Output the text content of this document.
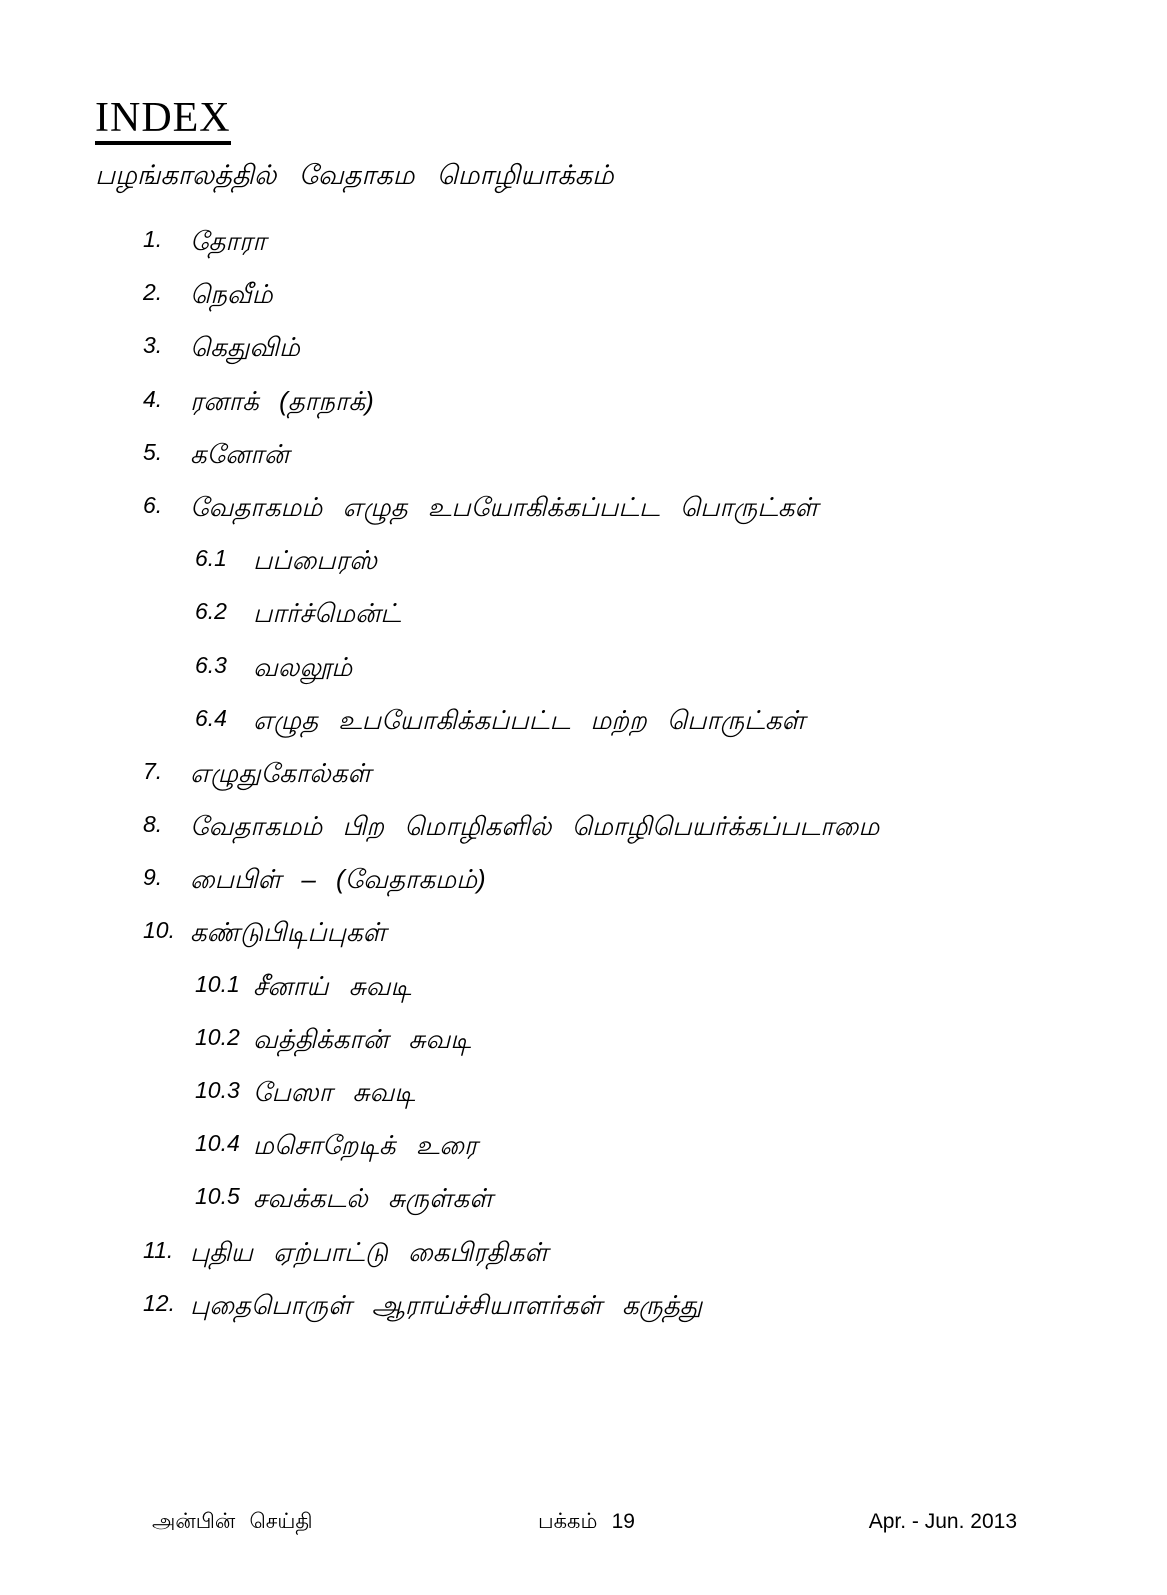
INDEX
பழங்காலத்தில் வேதாகம மொழியாக்கம்
1.	தோரா
2.	நெவீம்
3.	கெதுவிம்
4.	ரனாக் (தாநாக்)
5.	கனோன்
6.	வேதாகமம் எழுத உபயோகிக்கப்பட்ட பொருட்கள்
6.1	பப்பைரஸ்
6.2	பார்ச்மென்ட்
6.3	வலலூம்
6.4	எழுத உபயோகிக்கப்பட்ட மற்ற பொருட்கள்
7.	எழுதுகோல்கள்
8.	வேதாகமம் பிற மொழிகளில் மொழிபெயர்க்கப்படாமை
9.	பைபிள் – (வேதாகமம்)
10. கண்டுபிடிப்புகள்
10.1 சீனாய் சுவடி
10.2 வத்திக்கான் சுவடி
10.3 பேஸா சுவடி
10.4 மசொறேடிக் உரை
10.5 சவக்கடல் சுருள்கள்
11. புதிய ஏற்பாட்டு கைபிரதிகள்
12. புதைபொருள் ஆராய்ச்சியாளர்கள் கருத்து
அன்பின் செய்தி	பக்கம் 19	Apr. - Jun. 2013
